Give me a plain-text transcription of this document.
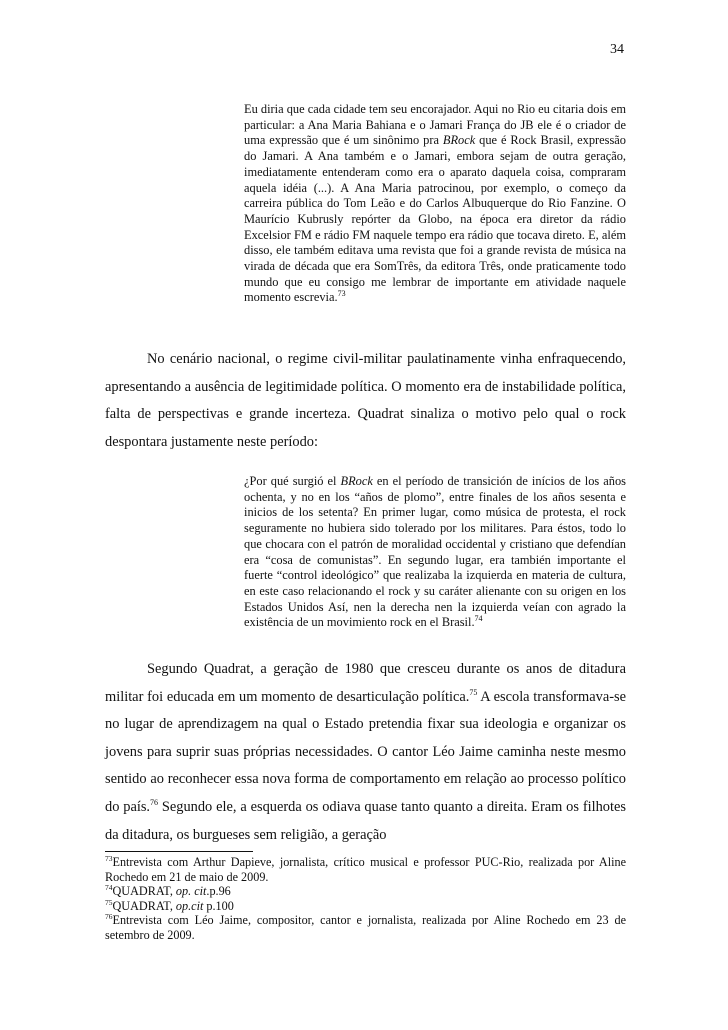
34
Eu diria que cada cidade tem seu encorajador. Aqui no Rio eu citaria dois em particular: a Ana Maria Bahiana e o Jamari França do JB ele é o criador de uma expressão que é um sinônimo pra BRock que é Rock Brasil, expressão do Jamari. A Ana também e o Jamari, embora sejam de outra geração, imediatamente entenderam como era o aparato daquela coisa, compraram aquela idéia (...). A Ana Maria patrocinou, por exemplo, o começo da carreira pública do Tom Leão e do Carlos Albuquerque do Rio Fanzine. O Maurício Kubrusly repórter da Globo, na época era diretor da rádio Excelsior FM e rádio FM naquele tempo era rádio que tocava direto. E, além disso, ele também editava uma revista que foi a grande revista de música na virada de década que era SomTrês, da editora Três, onde praticamente todo mundo que eu consigo me lembrar de importante em atividade naquele momento escrevia.$^{73}$
No cenário nacional, o regime civil-militar paulatinamente vinha enfraquecendo, apresentando a ausência de legitimidade política. O momento era de instabilidade política, falta de perspectivas e grande incerteza. Quadrat sinaliza o motivo pelo qual o rock despontara justamente neste período:
¿Por qué surgió el BRock en el período de transición de inícios de los años ochenta, y no en los “años de plomo”, entre finales de los años sesenta e inicios de los setenta? En primer lugar, como música de protesta, el rock seguramente no hubiera sido tolerado por los militares. Para éstos, todo lo que chocara con el patrón de moralidad occidental y cristiano que defendían era “cosa de comunistas”. En segundo lugar, era también importante el fuerte “control ideológico” que realizaba la izquierda en materia de cultura, en este caso relacionando el rock y su caráter alienante con su origen en los Estados Unidos Así, nen la derecha nen la izquierda veían con agrado la existência de un movimiento rock en el Brasil.$^{74}$
Segundo Quadrat, a geração de 1980 que cresceu durante os anos de ditadura militar foi educada em um momento de desarticulação política.$^{75}$ A escola transformava-se no lugar de aprendizagem na qual o Estado pretendia fixar sua ideologia e organizar os jovens para suprir suas próprias necessidades. O cantor Léo Jaime caminha neste mesmo sentido ao reconhecer essa nova forma de comportamento em relação ao processo político do país.$^{76}$ Segundo ele, a esquerda os odiava quase tanto quanto a direita. Eram os filhotes da ditadura, os burgueses sem religião, a geração

$^{73}$Entrevista com Arthur Dapieve, jornalista, crítico musical e professor PUC-Rio, realizada por Aline Rochedo em 21 de maio de 2009.

$^{74}$QUADRAT, op. cit.p.96

$^{75}$QUADRAT, op.cit p.100

$^{76}$Entrevista com Léo Jaime, compositor, cantor e jornalista, realizada por Aline Rochedo em 23 de setembro de 2009.
